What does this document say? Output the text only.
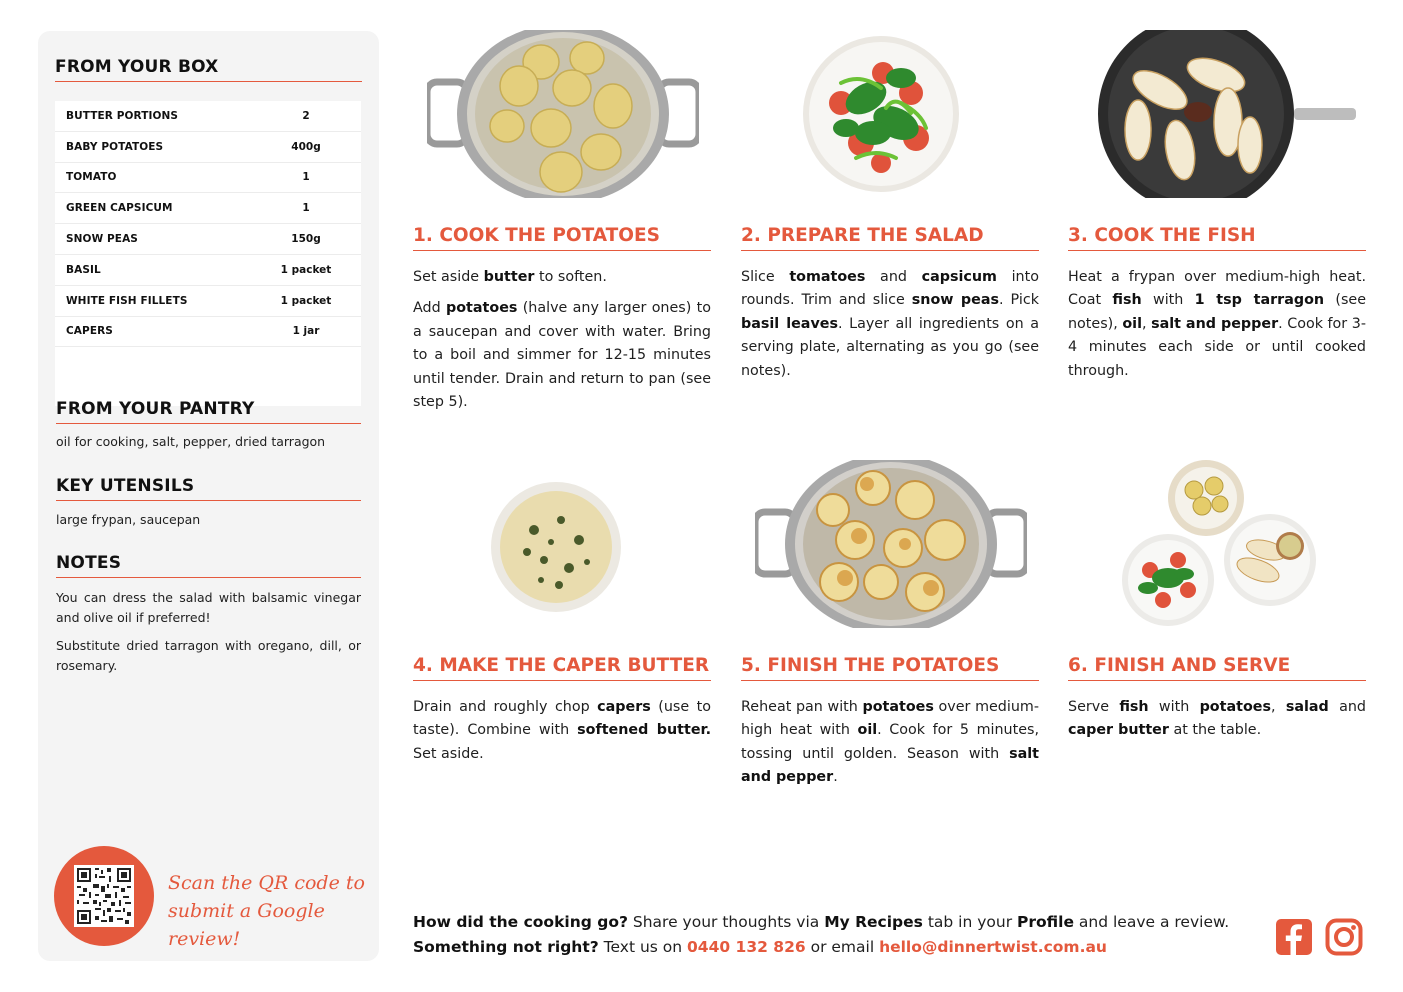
FROM YOUR BOX
BUTTER PORTIONS	2
BABY POTATOES	400g
TOMATO	1
GREEN CAPSICUM	1
SNOW PEAS	150g
BASIL	1 packet
WHITE FISH FILLETS	1 packet
CAPERS	1 jar
FROM YOUR PANTRY
oil for cooking, salt, pepper, dried tarragon
KEY UTENSILS
large frypan, saucepan
NOTES
You can dress the salad with balsamic vinegar and olive oil if preferred!
Substitute dried tarragon with oregano, dill, or rosemary.
Scan the QR code to submit a Google review!
1. COOK THE POTATOES

Set aside butter to soften.

Add potatoes (halve any larger ones) to a saucepan and cover with water. Bring to a boil and simmer for 12-15 minutes until tender. Drain and return to pan (see step 5).

2. PREPARE THE SALAD

Slice tomatoes and capsicum into rounds. Trim and slice snow peas. Pick basil leaves. Layer all ingredients on a serving plate, alternating as you go (see notes).

3. COOK THE FISH

Heat a frypan over medium-high heat. Coat fish with 1 tsp tarragon (see notes), oil, salt and pepper. Cook for 3-4 minutes each side or until cooked through.

4. MAKE THE CAPER BUTTER

Drain and roughly chop capers (use to taste). Combine with softened butter. Set aside.

5. FINISH THE POTATOES

Reheat pan with potatoes over medium-high heat with oil. Cook for 5 minutes, tossing until golden. Season with salt and pepper.

6. FINISH AND SERVE

Serve fish with potatoes, salad and caper butter at the table.

How did the cooking go? Share your thoughts via My Recipes tab in your Profile and leave a review.
Something not right? Text us on 0440 132 826 or email hello@dinnertwist.com.au
